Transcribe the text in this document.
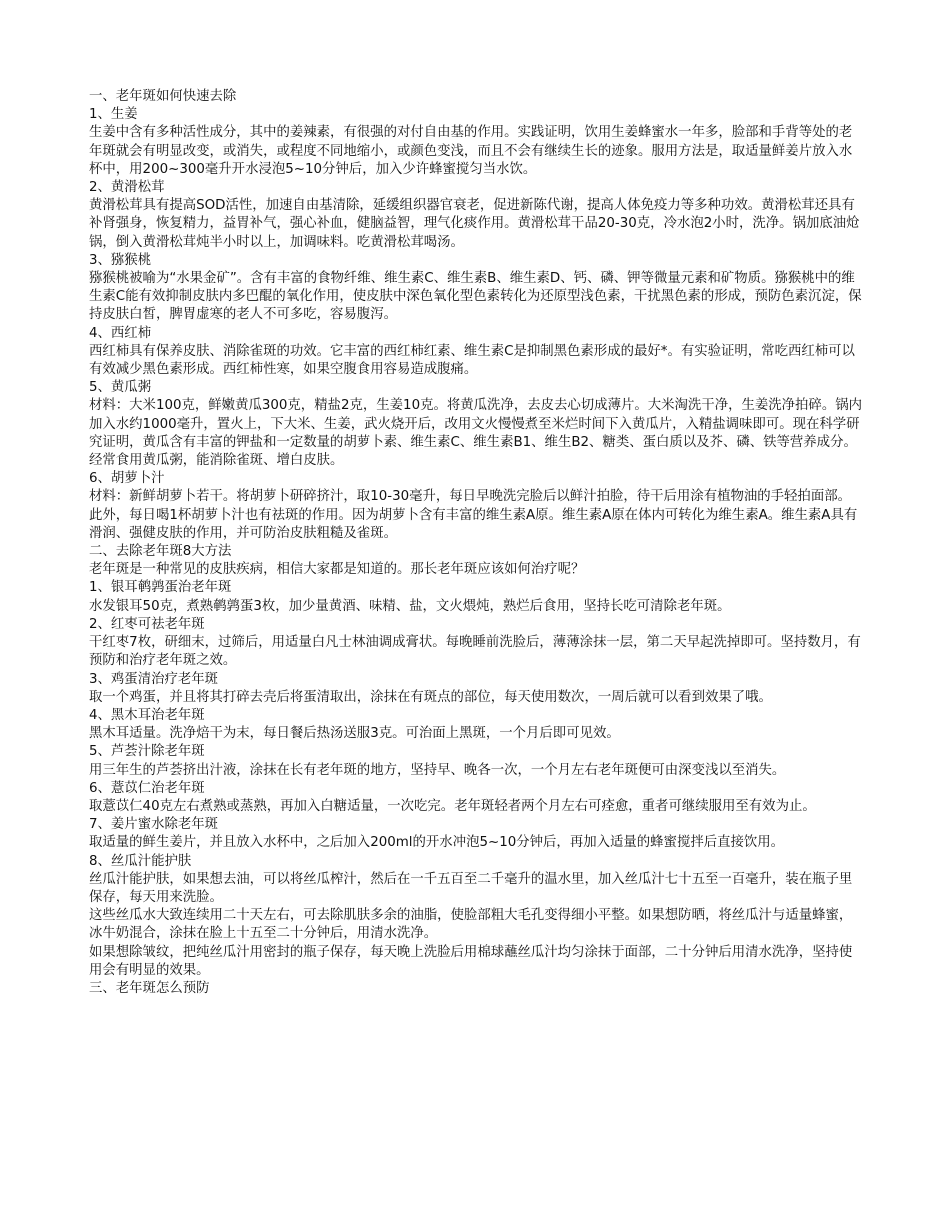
一、老年斑如何快速去除

1、生姜

生姜中含有多种活性成分，其中的姜辣素，有很强的对付自由基的作用。实践证明，饮用生姜蜂蜜水一年多，脸部和手背等处的老年斑就会有明显改变，或消失，或程度不同地缩小，或颜色变浅，而且不会有继续生长的迹象。服用方法是，取适量鲜姜片放入水杯中，用200~300毫升开水浸泡5~10分钟后，加入少许蜂蜜搅匀当水饮。

2、黄滑松茸

黄滑松茸具有提高SOD活性，加速自由基清除，延缓组织器官衰老，促进新陈代谢，提高人体免疫力等多种功效。黄滑松茸还具有补肾强身，恢复精力，益胃补气，强心补血，健脑益智，理气化痰作用。黄滑松茸干品20-30克，冷水泡2小时，洗净。锅加底油炝锅，倒入黄滑松茸炖半小时以上，加调味料。吃黄滑松茸喝汤。

3、猕猴桃

猕猴桃被喻为“水果金矿”。含有丰富的食物纤维、维生素C、维生素B、维生素D、钙、磷、钾等微量元素和矿物质。猕猴桃中的维生素C能有效抑制皮肤内多巴醌的氧化作用，使皮肤中深色氧化型色素转化为还原型浅色素，干扰黑色素的形成，预防色素沉淀，保持皮肤白皙，脾胃虚寒的老人不可多吃，容易腹泻。

4、西红柿

西红柿具有保养皮肤、消除雀斑的功效。它丰富的西红柿红素、维生素C是抑制黑色素形成的最好*。有实验证明，常吃西红柿可以有效减少黑色素形成。西红柿性寒，如果空腹食用容易造成腹痛。

5、黄瓜粥

材料：大米100克，鲜嫩黄瓜300克，精盐2克，生姜10克。将黄瓜洗净，去皮去心切成薄片。大米淘洗干净，生姜洗净拍碎。锅内加入水约1000毫升，置火上，下大米、生姜，武火烧开后，改用文火慢慢煮至米烂时间下入黄瓜片，入精盐调味即可。现在科学研究证明，黄瓜含有丰富的钾盐和一定数量的胡萝卜素、维生素C、维生素B1、维生B2、糖类、蛋白质以及芥、磷、铁等营养成分。经常食用黄瓜粥，能消除雀斑、增白皮肤。

6、胡萝卜汁

材料：新鲜胡萝卜若干。将胡萝卜研碎挤汁，取10-30毫升，每日早晚洗完脸后以鲜汁拍脸，待干后用涂有植物油的手轻拍面部。此外，每日喝1杯胡萝卜汁也有祛斑的作用。因为胡萝卜含有丰富的维生素A原。维生素A原在体内可转化为维生素A。维生素A具有滑润、强健皮肤的作用，并可防治皮肤粗糙及雀斑。

二、去除老年斑8大方法

老年斑是一种常见的皮肤疾病，相信大家都是知道的。那长老年斑应该如何治疗呢？

1、银耳鹌鹑蛋治老年斑

水发银耳50克，煮熟鹌鹑蛋3枚，加少量黄酒、味精、盐，文火煨炖，熟烂后食用，坚持长吃可清除老年斑。

2、红枣可祛老年斑

干红枣7枚，研细末，过筛后，用适量白凡士林油调成膏状。每晚睡前洗脸后，薄薄涂抹一层，第二天早起洗掉即可。坚持数月，有预防和治疗老年斑之效。

3、鸡蛋清治疗老年斑

取一个鸡蛋，并且将其打碎去壳后将蛋清取出，涂抹在有斑点的部位，每天使用数次，一周后就可以看到效果了哦。

4、黑木耳治老年斑

黑木耳适量。洗净焙干为末，每日餐后热汤送服3克。可治面上黑斑，一个月后即可见效。

5、芦荟汁除老年斑

用三年生的芦荟挤出汁液，涂抹在长有老年斑的地方，坚持早、晚各一次，一个月左右老年斑便可由深变浅以至消失。

6、薏苡仁治老年斑

取薏苡仁40克左右煮熟或蒸熟，再加入白糖适量，一次吃完。老年斑轻者两个月左右可痊愈，重者可继续服用至有效为止。

7、姜片蜜水除老年斑

取适量的鲜生姜片，并且放入水杯中，之后加入200ml的开水冲泡5~10分钟后，再加入适量的蜂蜜搅拌后直接饮用。

8、丝瓜汁能护肤

丝瓜汁能护肤，如果想去油，可以将丝瓜榨汁，然后在一千五百至二千毫升的温水里，加入丝瓜汁七十五至一百毫升，装在瓶子里保存，每天用来洗脸。

这些丝瓜水大致连续用二十天左右，可去除肌肤多余的油脂，使脸部粗大毛孔变得细小平整。如果想防晒，将丝瓜汁与适量蜂蜜，冰牛奶混合，涂抹在脸上十五至二十分钟后，用清水洗净。

如果想除皱纹，把纯丝瓜汁用密封的瓶子保存，每天晚上洗脸后用棉球蘸丝瓜汁均匀涂抹于面部，二十分钟后用清水洗净，坚持使用会有明显的效果。

三、老年斑怎么预防
